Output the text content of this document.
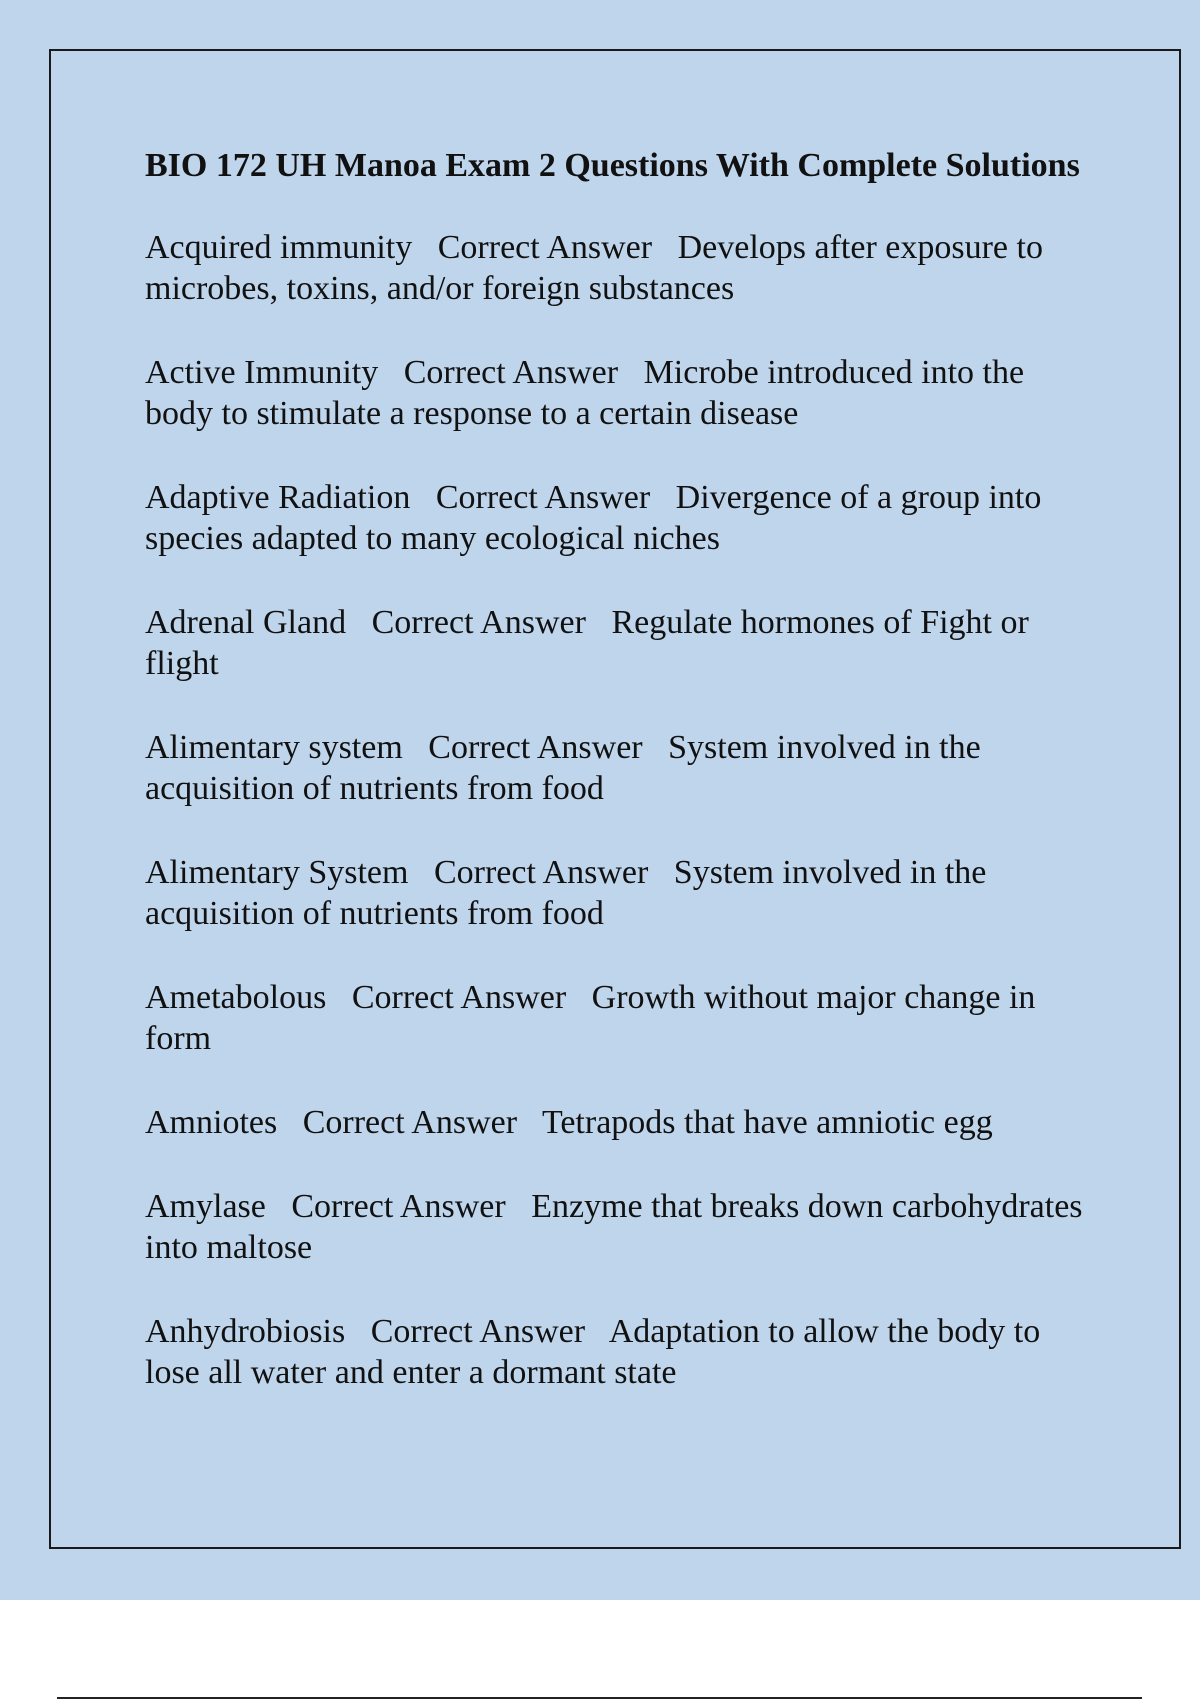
BIO 172 UH Manoa Exam 2 Questions With Complete Solutions

Acquired immunity Correct Answer Develops after exposure to microbes, toxins, and/or foreign substances

Active Immunity Correct Answer Microbe introduced into the body to stimulate a response to a certain disease

Adaptive Radiation Correct Answer Divergence of a group into species adapted to many ecological niches

Adrenal Gland Correct Answer Regulate hormones of Fight or flight

Alimentary system Correct Answer System involved in the acquisition of nutrients from food

Alimentary System Correct Answer System involved in the acquisition of nutrients from food

Ametabolous Correct Answer Growth without major change in form

Amniotes Correct Answer Tetrapods that have amniotic egg

Amylase Correct Answer Enzyme that breaks down carbohydrates into maltose

Anhydrobiosis Correct Answer Adaptation to allow the body to lose all water and enter a dormant state
